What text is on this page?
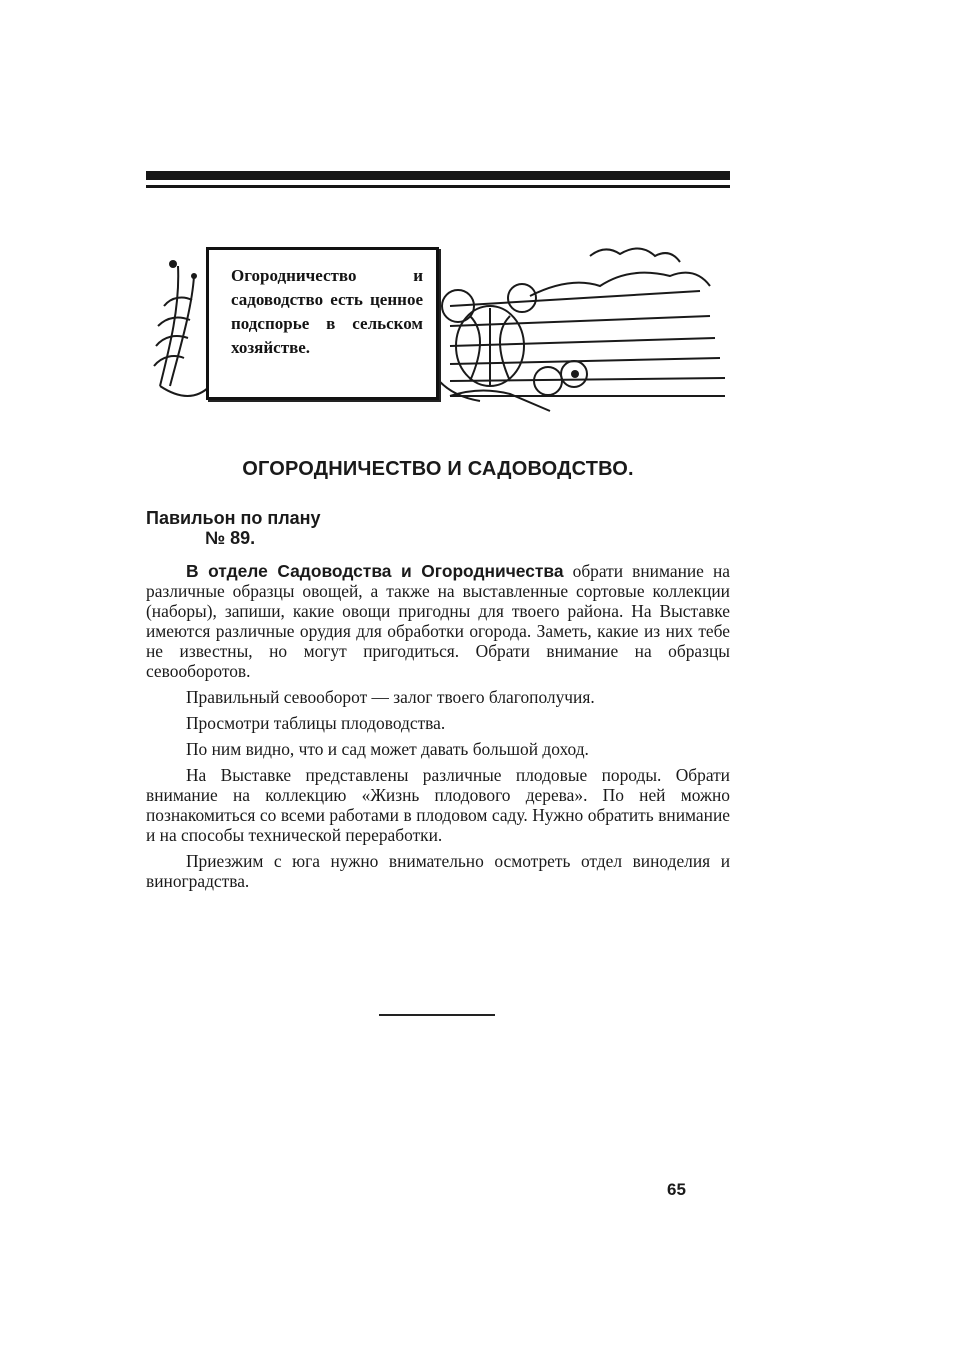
Огородничество и садоводство есть ценное подспорье в сельском хозяйстве.
ОГОРОДНИЧЕСТВО И САДОВОДСТВО.
Павильон по плану
№ 89.

В отделе Садоводства и Огородничества обрати внимание на различные образцы овощей, а также на выставленные сортовые коллекции (наборы), запиши, какие овощи пригодны для твоего района. На Выставке имеются различные орудия для обработки огорода. Заметь, какие из них тебе не известны, но могут пригодиться. Обрати внимание на образцы севооборотов.

Правильный севооборот — залог твоего благополучия.

Просмотри таблицы плодоводства.

По ним видно, что и сад может давать большой доход.

На Выставке представлены различные плодовые породы. Обрати внимание на коллекцию «Жизнь плодового дерева». По ней можно познакомиться со всеми работами в плодовом саду. Нужно обратить внимание и на способы технической переработки.

Приезжим с юга нужно внимательно осмотреть отдел виноделия и виноградства.

65
